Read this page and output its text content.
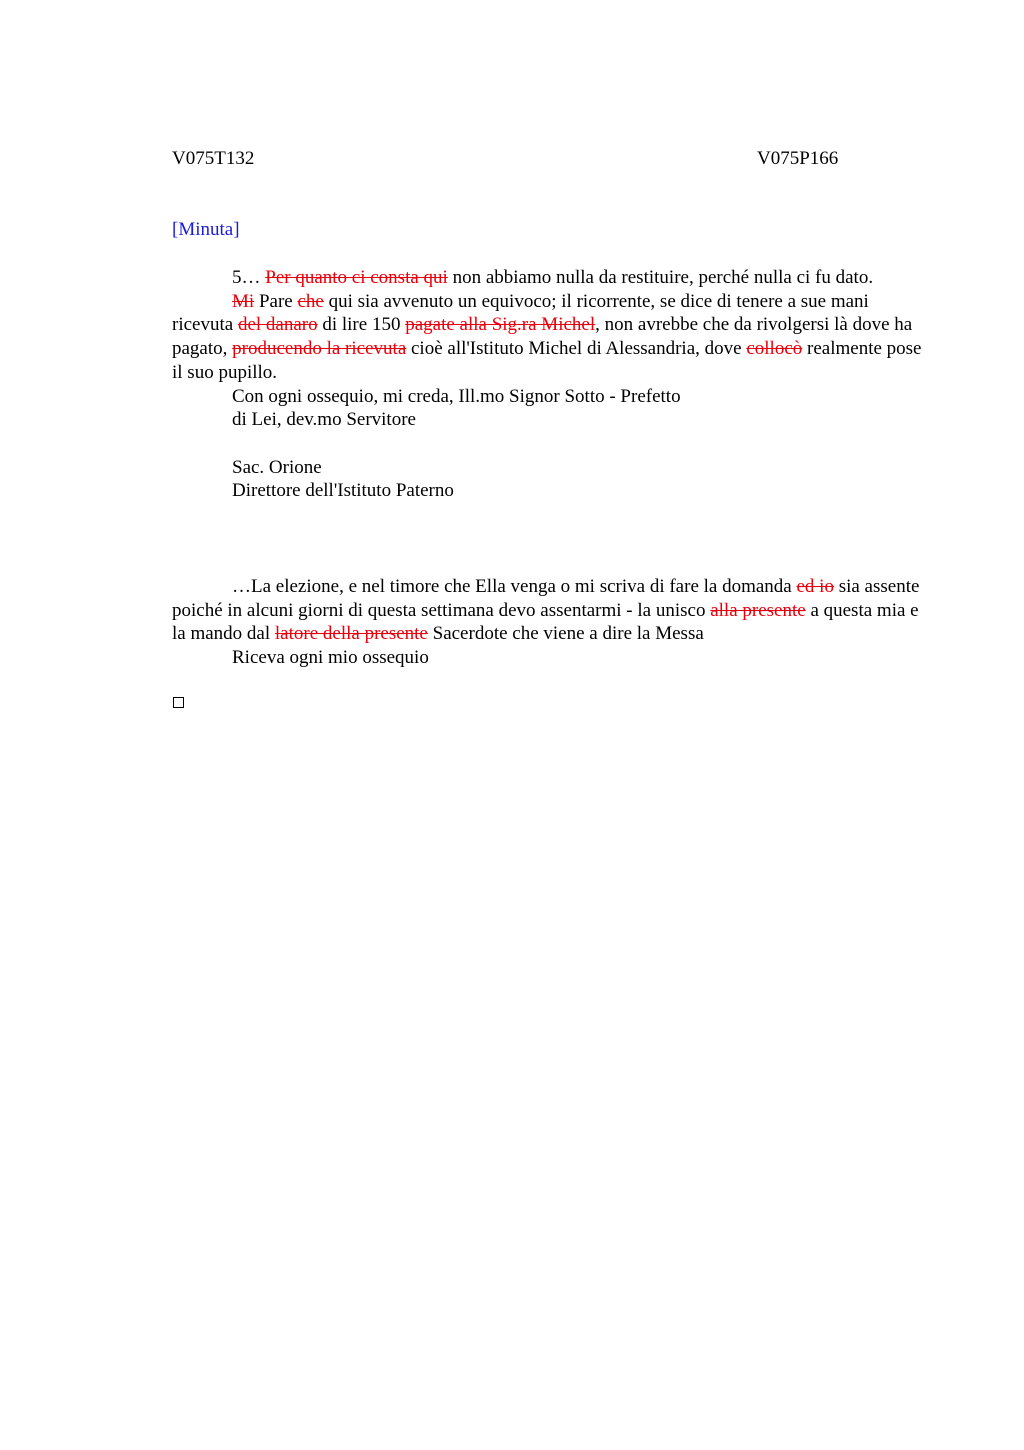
V075T132	V075P166

[Minuta]

5… Per quanto ci consta qui non abbiamo nulla da restituire, perché nulla ci fu dato.

Mi Pare che qui sia avvenuto un equivoco; il ricorrente, se dice di tenere a sue mani ricevuta del danaro di lire 150 pagate alla Sig.ra Michel, non avrebbe che da rivolgersi là dove ha pagato, producendo la ricevuta cioè all'Istituto Michel di Alessandria, dove collocò realmente pose il suo pupillo.

Con ogni ossequio, mi creda, Ill.mo Signor Sotto - Prefetto

di Lei, dev.mo Servitore

Sac. Orione
Direttore dell'Istituto Paterno

…La elezione, e nel timore che Ella venga o mi scriva di fare la domanda ed io sia assente poiché in alcuni giorni di questa settimana devo assentarmi - la unisco alla presente a questa mia e la mando dal latore della presente Sacerdote che viene a dire la Messa

Riceva ogni mio ossequio
